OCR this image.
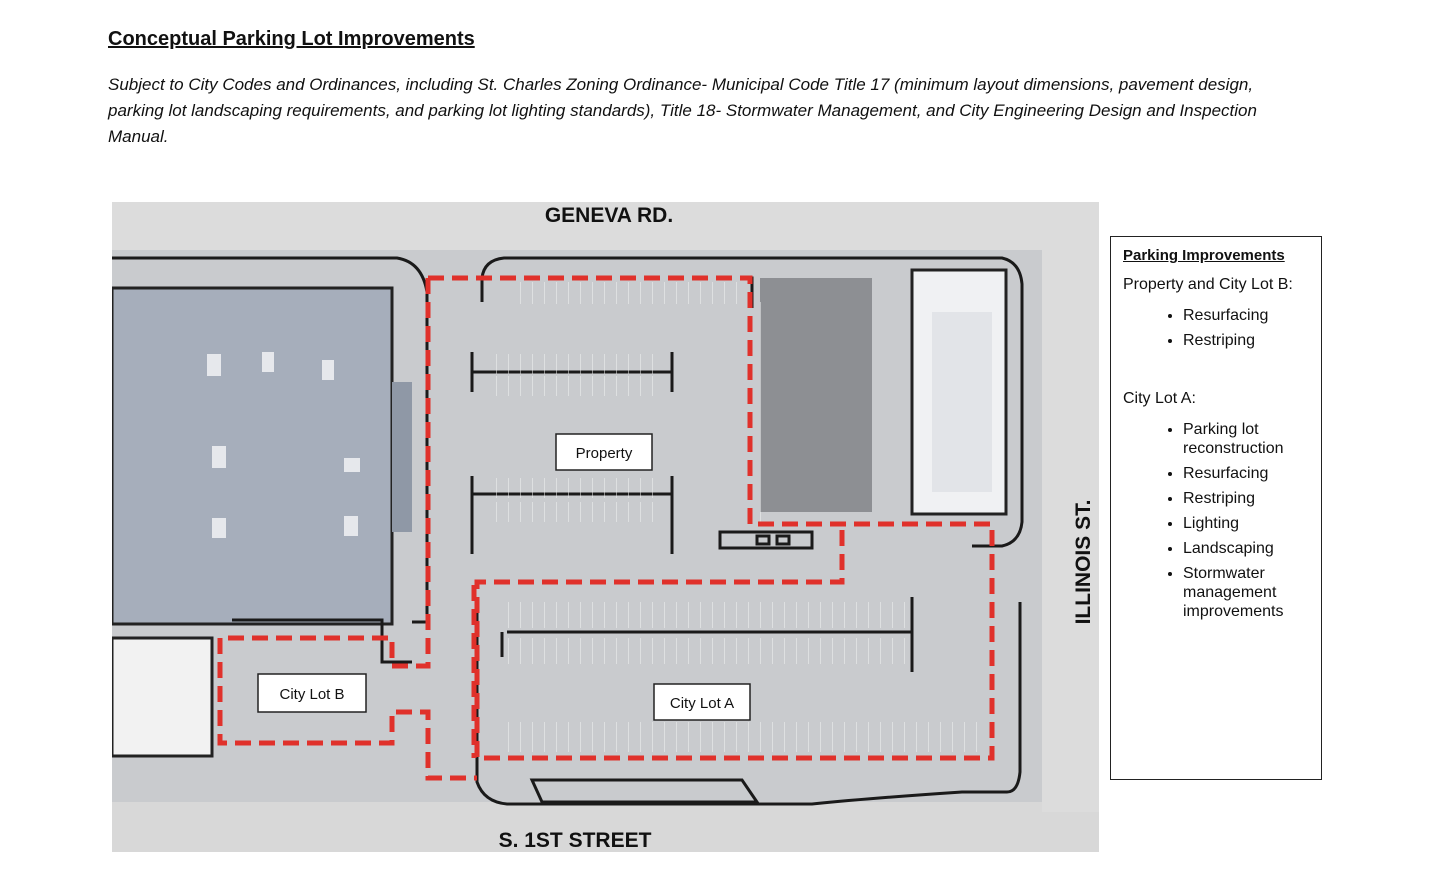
Conceptual Parking Lot Improvements
Subject to City Codes and Ordinances, including St. Charles Zoning Ordinance- Municipal Code Title 17 (minimum layout dimensions, pavement design, parking lot landscaping requirements, and parking lot lighting standards), Title 18- Stormwater Management, and City Engineering Design and Inspection Manual.
GENEVA RD.
S. 1ST STREET
ILLINOIS ST.
Property
City Lot B
City Lot A
Parking Improvements
Property and City Lot B:
• Resurfacing
• Restriping
City Lot A:
• Parking lot reconstruction
• Resurfacing
• Restriping
• Lighting
• Landscaping
• Stormwater management improvements
